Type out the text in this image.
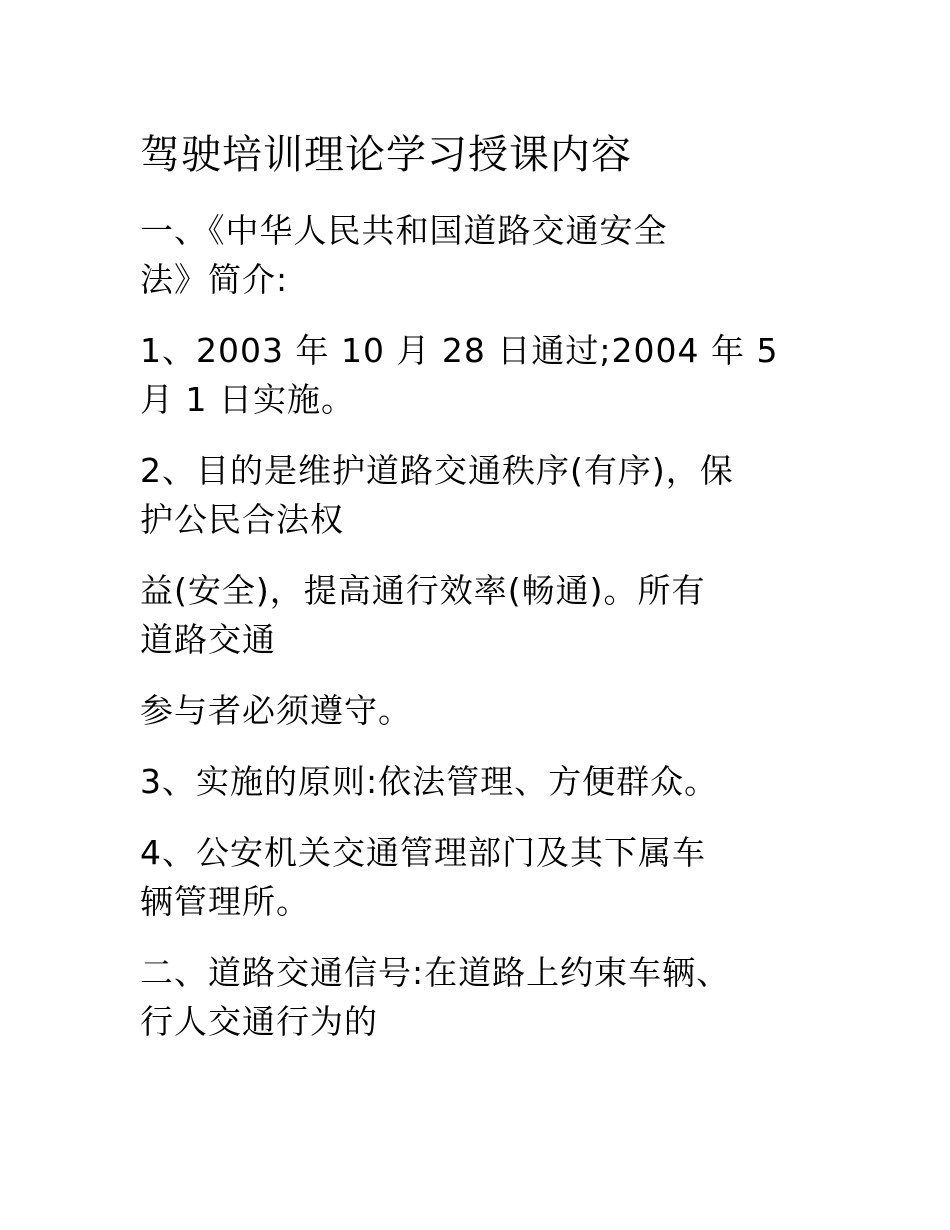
驾驶培训理论学习授课内容

一、《中华人民共和国道路交通安全
法》简介:

1、2003 年 10 月 28 日通过;2004 年 5
月 1 日实施。

2、目的是维护道路交通秩序(有序)，保
护公民合法权

益(安全)，提高通行效率(畅通)。所有
道路交通

参与者必须遵守。

3、实施的原则:依法管理、方便群众。

4、公安机关交通管理部门及其下属车
辆管理所。

二、道路交通信号:在道路上约束车辆、
行人交通行为的
